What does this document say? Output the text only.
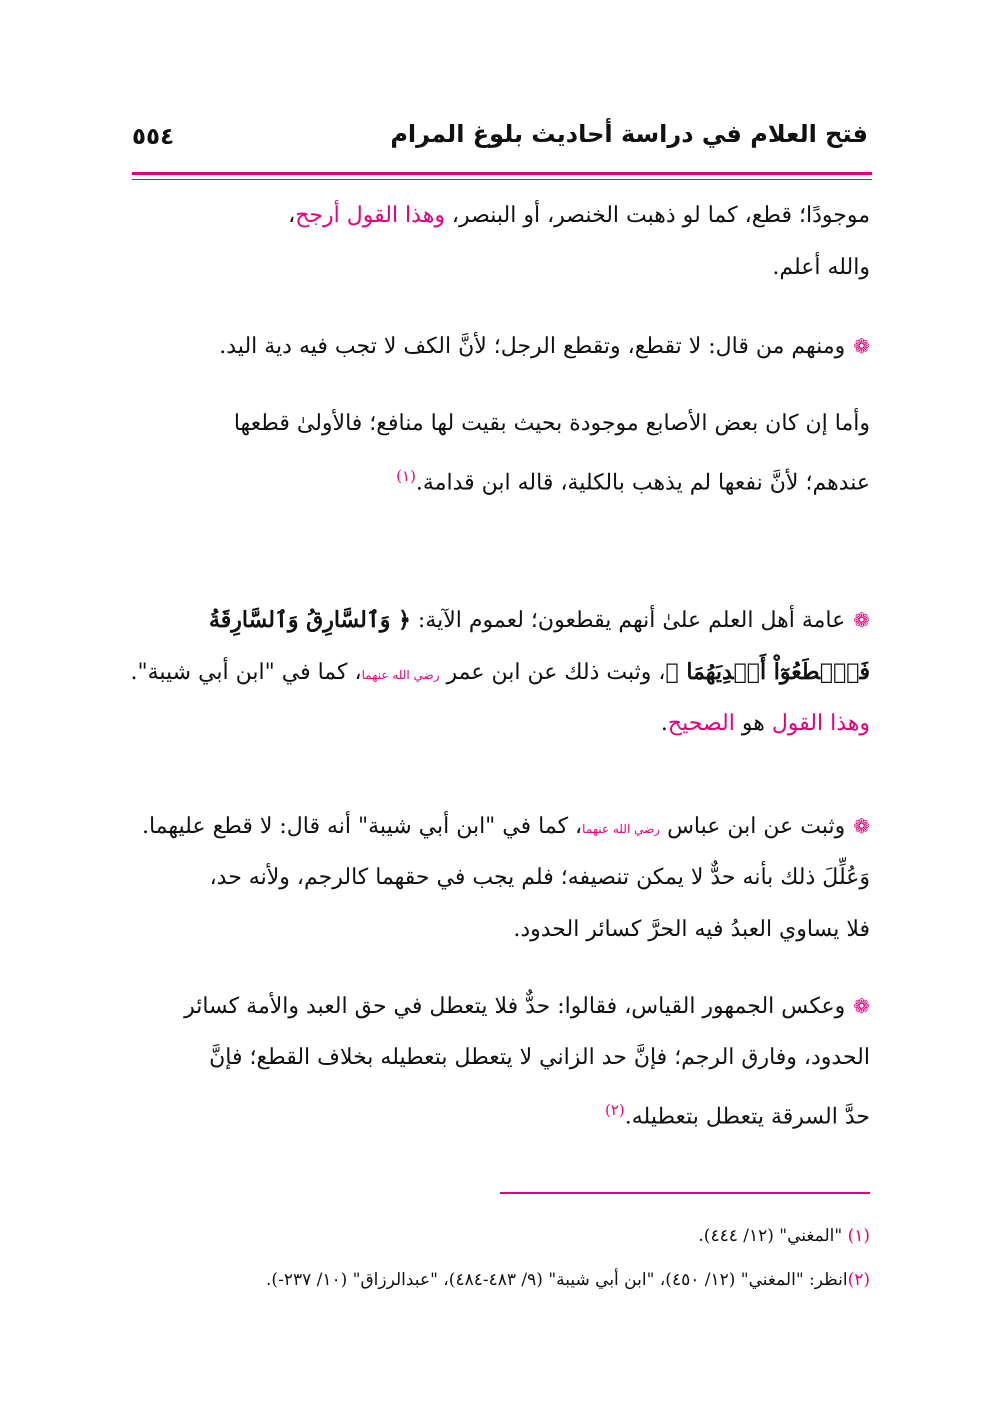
فتح العلام في دراسة أحاديث بلوغ المرام
٥٥٤
موجودًا؛ قطع، كما لو ذهبت الخنصر، أو البنصر، وهذا القول أرجح،
والله أعلم.
❁ومنهم من قال: لا تقطع، وتقطع الرجل؛ لأنَّ الكف لا تجب فيه دية اليد.
وأما إن كان بعض الأصابع موجودة بحيث بقيت لها منافع؛ فالأولىٰ قطعها
عندهم؛ لأنَّ نفعها لم يذهب بالكلية، قاله ابن قدامة.$^{(١)}$
❁عامة أهل العلم علىٰ أنهم يقطعون؛ لعموم الآية: ﴿ وَٱلسَّارِقُ وَٱلسَّارِقَةُ
فَٱقۡطَعُوٓاْ أَيۡدِيَهُمَا ﴾، وثبت ذلك عن ابن عمر رضي الله عنهما، كما في "ابن أبي شيبة".
وهذا القول هو الصحيح.
❁وثبت عن ابن عباس رضي الله عنهما، كما في "ابن أبي شيبة" أنه قال: لا قطع عليهما.
وَعُلِّلَ ذلك بأنه حدٌّ لا يمكن تنصيفه؛ فلم يجب في حقهما كالرجم، ولأنه حد،
فلا يساوي العبدُ فيه الحرَّ كسائر الحدود.
❁وعكس الجمهور القياس، فقالوا: حدٌّ فلا يتعطل في حق العبد والأمة كسائر
الحدود، وفارق الرجم؛ فإنَّ حد الزاني لا يتعطل بتعطيله بخلاف القطع؛ فإنَّ
حدَّ السرقة يتعطل بتعطيله.$^{(٢)}$
(١) "المغني" (١٢/ ٤٤٤).
(٢)انظر: "المغني" (١٢/ ٤٥٠)، "ابن أبي شيبة" (٩/ ٤٨٣-٤٨٤)، "عبدالرزاق" (١٠/ ٢٣٧-).
